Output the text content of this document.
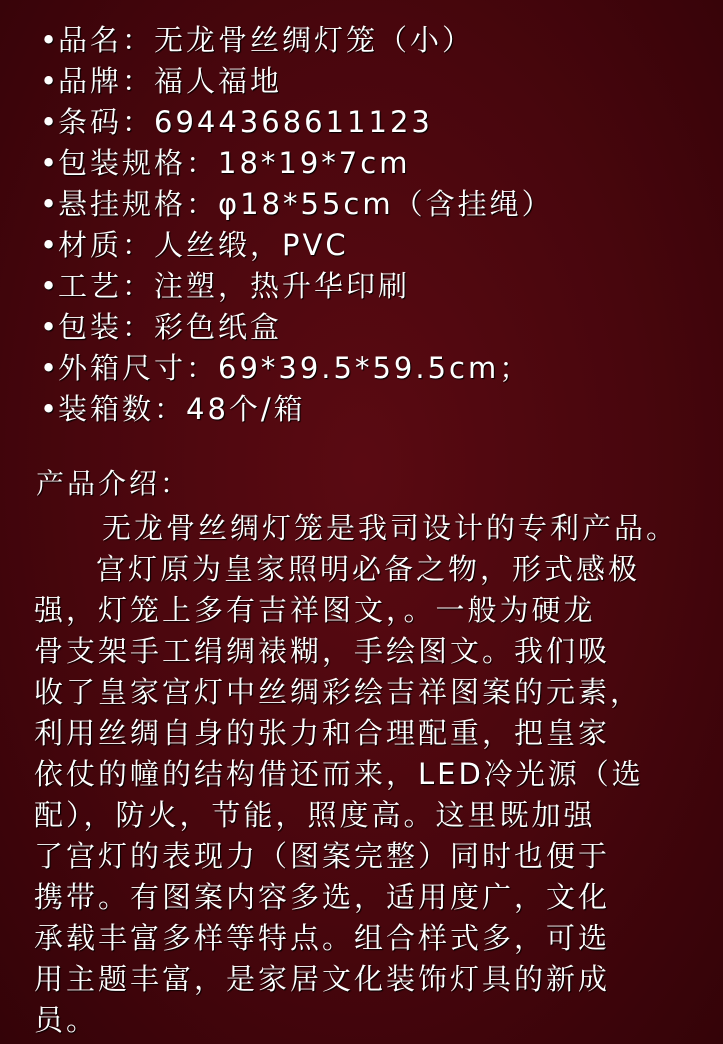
•品名：无龙骨丝绸灯笼（小）
•品牌：福人福地
•条码：6944368611123
•包装规格：18*19*7cm
•悬挂规格：φ18*55cm（含挂绳）
•材质：人丝缎，PVC
•工艺：注塑，热升华印刷
•包装：彩色纸盒
•外箱尺寸：69*39.5*59.5cm；
•装箱数：48个/箱
产品介绍：
无龙骨丝绸灯笼是我司设计的专利产品。
宫灯原为皇家照明必备之物，形式感极
强，灯笼上多有吉祥图文，。一般为硬龙
骨支架手工绢绸裱糊，手绘图文。我们吸
收了皇家宫灯中丝绸彩绘吉祥图案的元素，
利用丝绸自身的张力和合理配重，把皇家
依仗的幢的结构借还而来，LED冷光源（选
配），防火，节能，照度高。这里既加强
了宫灯的表现力（图案完整）同时也便于
携带。有图案内容多选，适用度广，文化
承载丰富多样等特点。组合样式多，可选
用主题丰富，是家居文化装饰灯具的新成
员。
